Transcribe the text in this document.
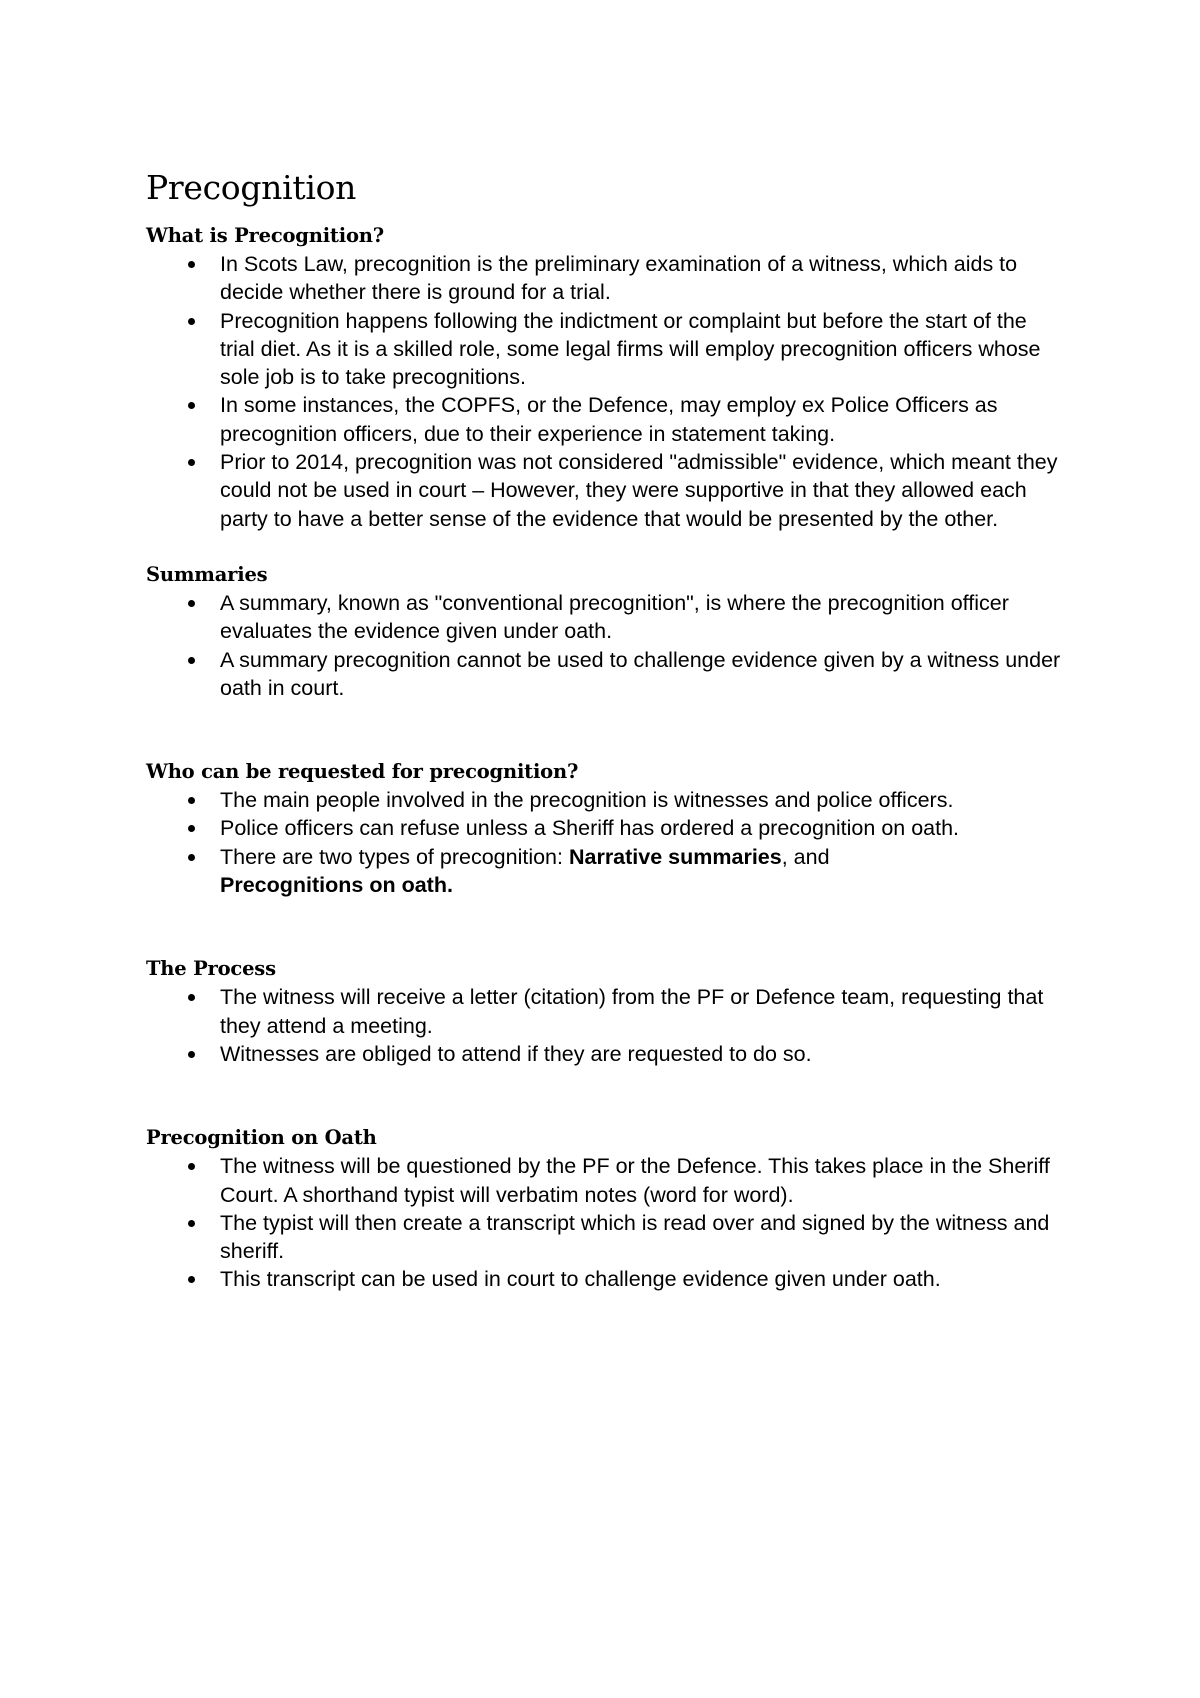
Precognition
What is Precognition?
In Scots Law, precognition is the preliminary examination of a witness, which aids to decide whether there is ground for a trial.
Precognition happens following the indictment or complaint but before the start of the trial diet. As it is a skilled role, some legal firms will employ precognition officers whose sole job is to take precognitions.
In some instances, the COPFS, or the Defence, may employ ex Police Officers as precognition officers, due to their experience in statement taking.
Prior to 2014, precognition was not considered "admissible" evidence, which meant they could not be used in court – However, they were supportive in that they allowed each party to have a better sense of the evidence that would be presented by the other.
Summaries
A summary, known as "conventional precognition", is where the precognition officer evaluates the evidence given under oath.
A summary precognition cannot be used to challenge evidence given by a witness under oath in court.
Who can be requested for precognition?
The main people involved in the precognition is witnesses and police officers.
Police officers can refuse unless a Sheriff has ordered a precognition on oath.
There are two types of precognition: Narrative summaries, and
Precognitions on oath.
The Process
The witness will receive a letter (citation) from the PF or Defence team, requesting that they attend a meeting.
Witnesses are obliged to attend if they are requested to do so.
Precognition on Oath
The witness will be questioned by the PF or the Defence. This takes place in the Sheriff Court. A shorthand typist will verbatim notes (word for word).
The typist will then create a transcript which is read over and signed by the witness and sheriff.
This transcript can be used in court to challenge evidence given under oath.
